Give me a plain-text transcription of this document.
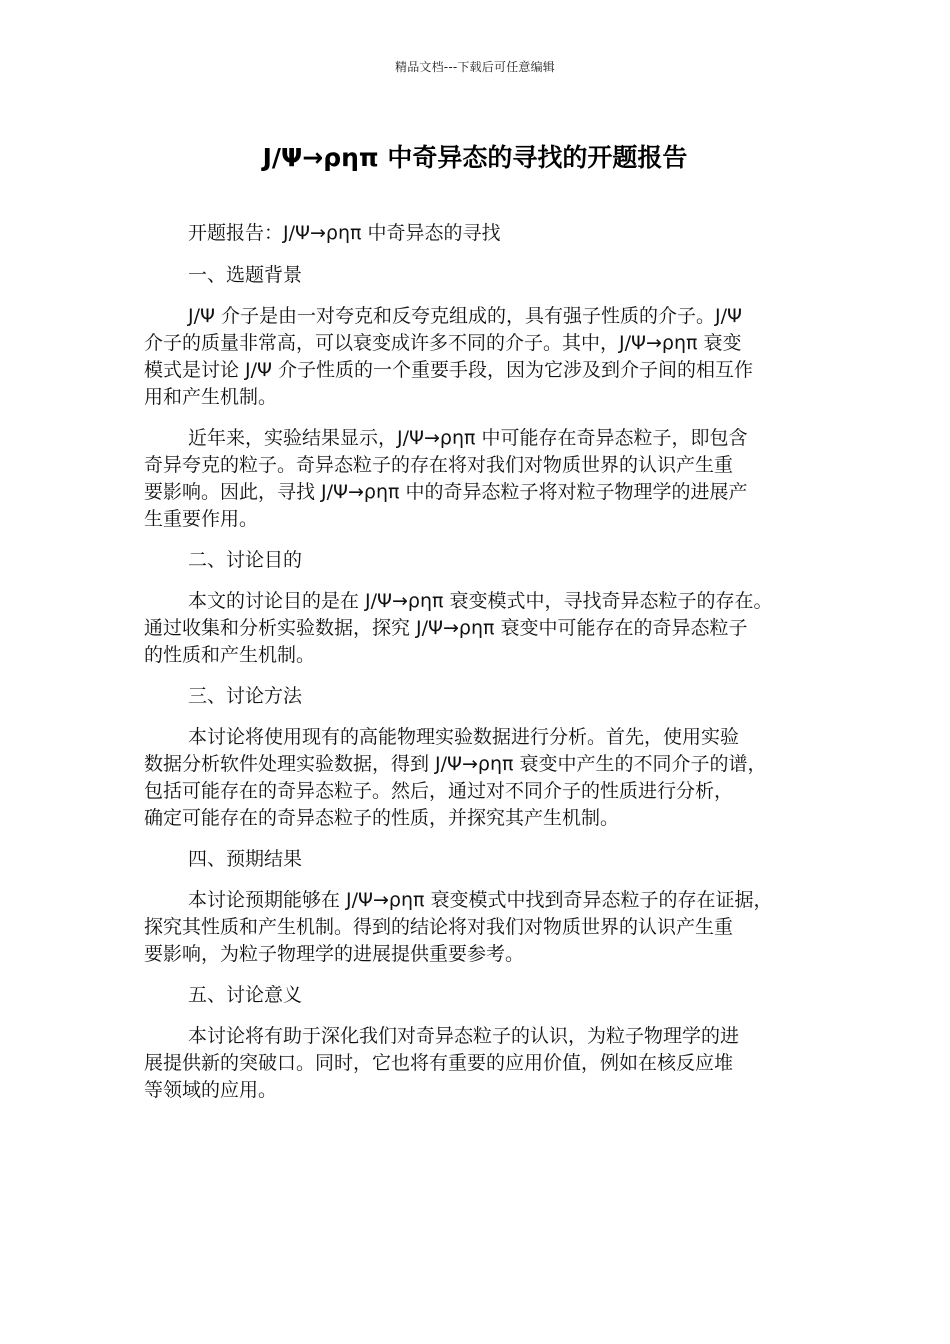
精品文档---下载后可任意编辑
J/Ψ→ρηπ 中奇异态的寻找的开题报告
开题报告：J/Ψ→ρηπ 中奇异态的寻找
一、选题背景
J/Ψ 介子是由一对夸克和反夸克组成的，具有强子性质的介子。J/Ψ
介子的质量非常高，可以衰变成许多不同的介子。其中，J/Ψ→ρηπ 衰变
模式是讨论 J/Ψ 介子性质的一个重要手段，因为它涉及到介子间的相互作
用和产生机制。
近年来，实验结果显示，J/Ψ→ρηπ 中可能存在奇异态粒子，即包含
奇异夸克的粒子。奇异态粒子的存在将对我们对物质世界的认识产生重
要影响。因此，寻找 J/Ψ→ρηπ 中的奇异态粒子将对粒子物理学的进展产
生重要作用。
二、讨论目的
本文的讨论目的是在 J/Ψ→ρηπ 衰变模式中，寻找奇异态粒子的存在。
通过收集和分析实验数据，探究 J/Ψ→ρηπ 衰变中可能存在的奇异态粒子
的性质和产生机制。
三、讨论方法
本讨论将使用现有的高能物理实验数据进行分析。首先，使用实验
数据分析软件处理实验数据，得到 J/Ψ→ρηπ 衰变中产生的不同介子的谱，
包括可能存在的奇异态粒子。然后，通过对不同介子的性质进行分析，
确定可能存在的奇异态粒子的性质，并探究其产生机制。
四、预期结果
本讨论预期能够在 J/Ψ→ρηπ 衰变模式中找到奇异态粒子的存在证据，
探究其性质和产生机制。得到的结论将对我们对物质世界的认识产生重
要影响，为粒子物理学的进展提供重要参考。
五、讨论意义
本讨论将有助于深化我们对奇异态粒子的认识，为粒子物理学的进
展提供新的突破口。同时，它也将有重要的应用价值，例如在核反应堆
等领域的应用。
